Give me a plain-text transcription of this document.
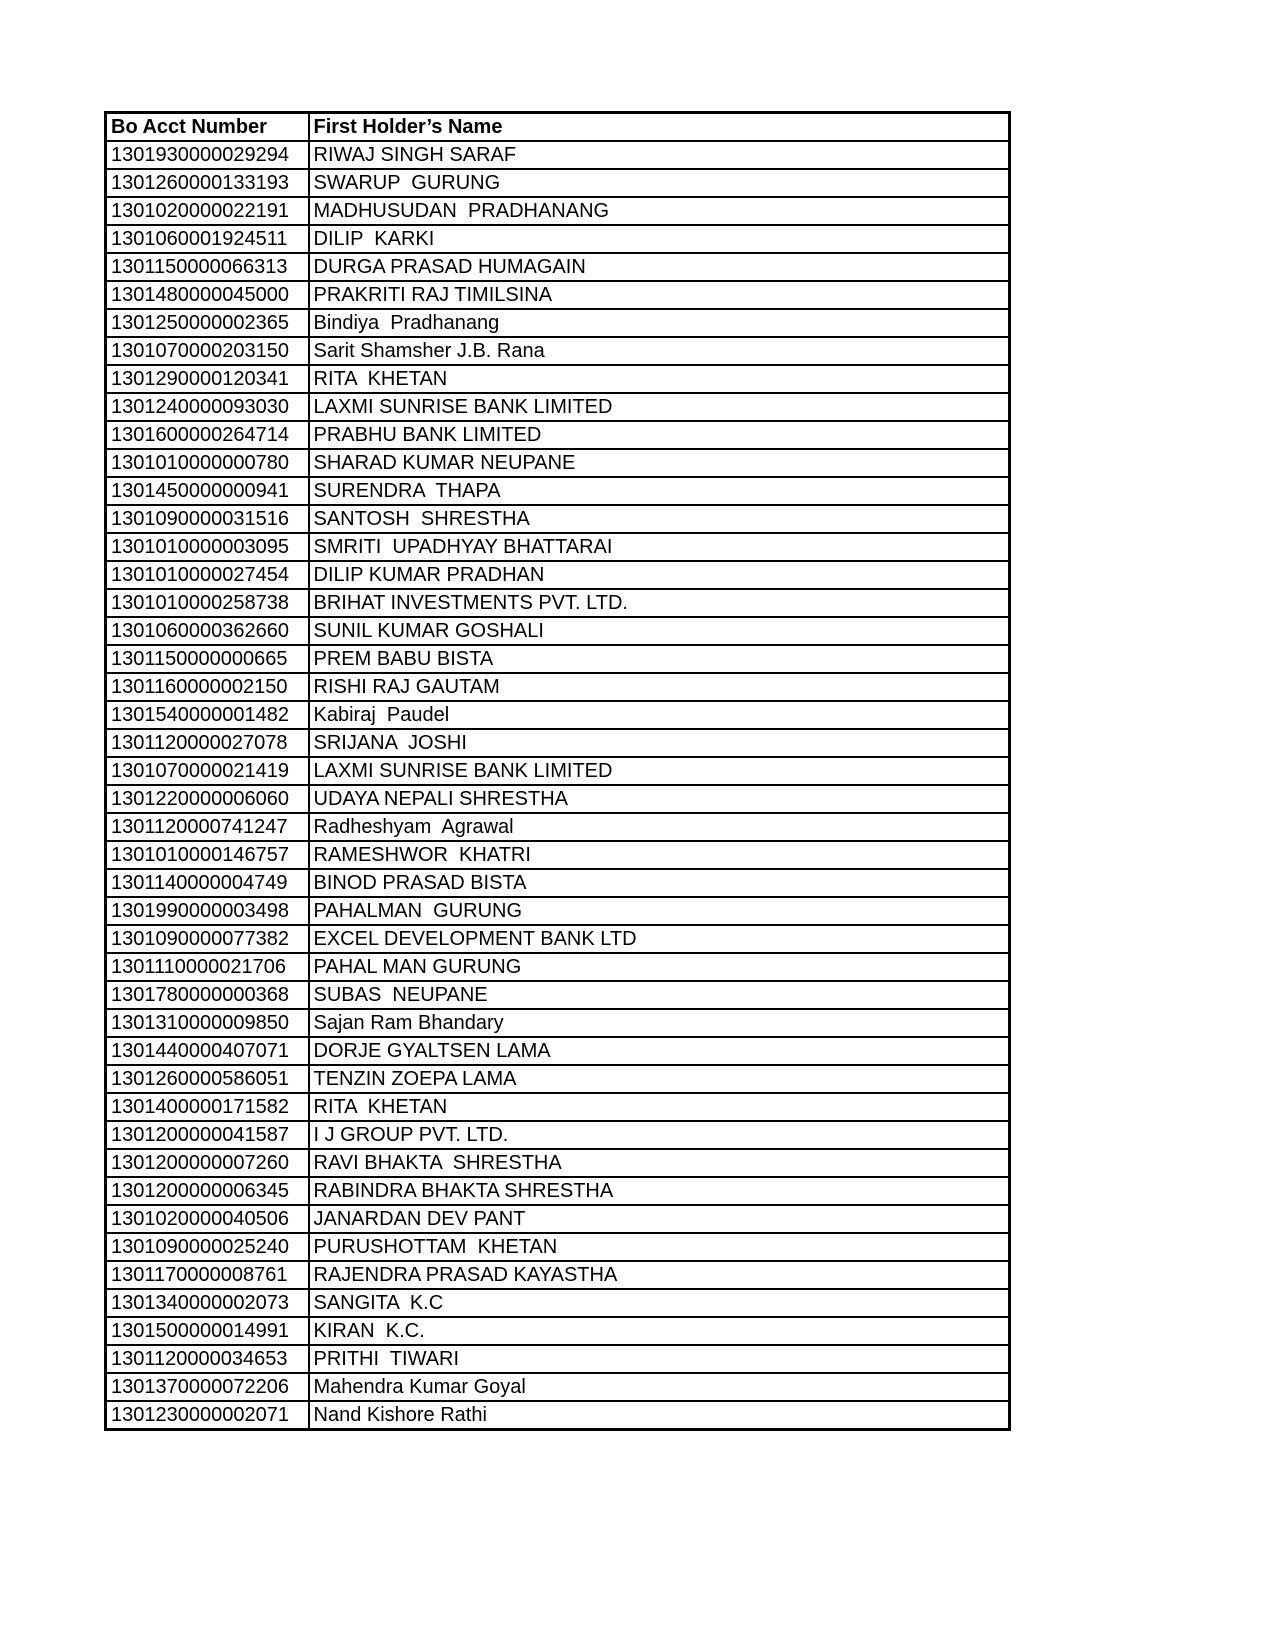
Bo Acct Number	First Holder’s Name
1301930000029294	RIWAJ SINGH SARAF
1301260000133193	SWARUP  GURUNG
1301020000022191	MADHUSUDAN  PRADHANANG
1301060001924511	DILIP  KARKI
1301150000066313	DURGA PRASAD HUMAGAIN
1301480000045000	PRAKRITI RAJ TIMILSINA
1301250000002365	Bindiya  Pradhanang
1301070000203150	Sarit Shamsher J.B. Rana
1301290000120341	RITA  KHETAN
1301240000093030	LAXMI SUNRISE BANK LIMITED
1301600000264714	PRABHU BANK LIMITED
1301010000000780	SHARAD KUMAR NEUPANE
1301450000000941	SURENDRA  THAPA
1301090000031516	SANTOSH  SHRESTHA
1301010000003095	SMRITI  UPADHYAY BHATTARAI
1301010000027454	DILIP KUMAR PRADHAN
1301010000258738	BRIHAT INVESTMENTS PVT. LTD.
1301060000362660	SUNIL KUMAR GOSHALI
1301150000000665	PREM BABU BISTA
1301160000002150	RISHI RAJ GAUTAM
1301540000001482	Kabiraj  Paudel
1301120000027078	SRIJANA  JOSHI
1301070000021419	LAXMI SUNRISE BANK LIMITED
1301220000006060	UDAYA NEPALI SHRESTHA
1301120000741247	Radheshyam  Agrawal
1301010000146757	RAMESHWOR  KHATRI
1301140000004749	BINOD PRASAD BISTA
1301990000003498	PAHALMAN  GURUNG
1301090000077382	EXCEL DEVELOPMENT BANK LTD
1301110000021706	PAHAL MAN GURUNG
1301780000000368	SUBAS  NEUPANE
1301310000009850	Sajan Ram Bhandary
1301440000407071	DORJE GYALTSEN LAMA
1301260000586051	TENZIN ZOEPA LAMA
1301400000171582	RITA  KHETAN
1301200000041587	I J GROUP PVT. LTD.
1301200000007260	RAVI BHAKTA  SHRESTHA
1301200000006345	RABINDRA BHAKTA SHRESTHA
1301020000040506	JANARDAN DEV PANT
1301090000025240	PURUSHOTTAM  KHETAN
1301170000008761	RAJENDRA PRASAD KAYASTHA
1301340000002073	SANGITA  K.C
1301500000014991	KIRAN  K.C.
1301120000034653	PRITHI  TIWARI
1301370000072206	Mahendra Kumar Goyal
1301230000002071	Nand Kishore Rathi
